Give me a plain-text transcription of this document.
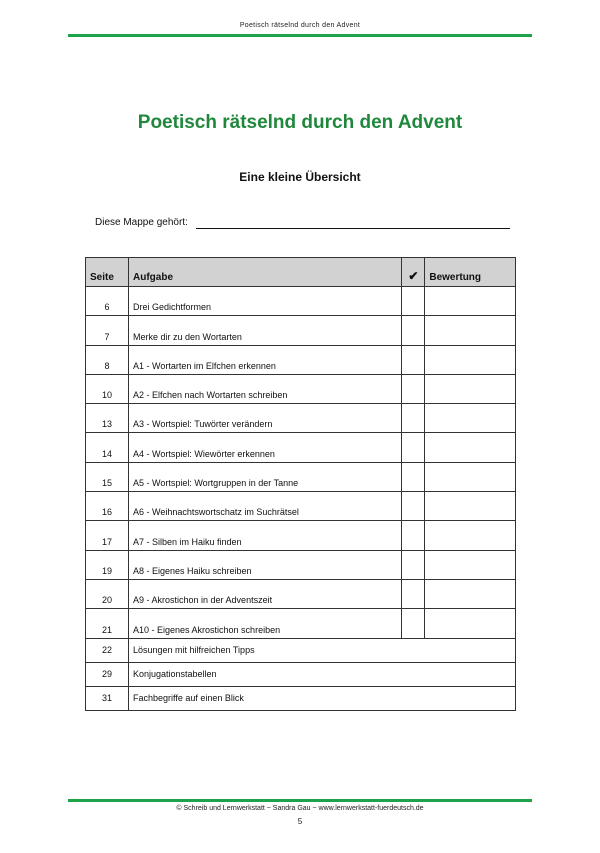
Poetisch rätselnd durch den Advent
Poetisch rätselnd durch den Advent
Eine kleine Übersicht
Diese Mappe gehört:
Seite	Aufgabe	✔	Bewertung
6	Drei Gedichtformen		
7	Merke dir zu den Wortarten		
8	A1 - Wortarten im Elfchen erkennen		
10	A2 - Elfchen nach Wortarten schreiben		
13	A3 - Wortspiel: Tuwörter verändern		
14	A4 - Wortspiel: Wiewörter erkennen		
15	A5 - Wortspiel: Wortgruppen in der Tanne		
16	A6 - Weihnachtswortschatz im Suchrätsel		
17	A7 - Silben im Haiku finden		
19	A8 - Eigenes Haiku schreiben		
20	A9 - Akrostichon in der Adventszeit		
21	A10 - Eigenes Akrostichon schreiben		
22	Lösungen mit hilfreichen Tipps		
29	Konjugationstabellen		
31	Fachbegriffe auf einen Blick		
© Schreib und Lernwerkstatt ~ Sandra Gau ~ www.lernwerkstatt-fuerdeutsch.de
5
